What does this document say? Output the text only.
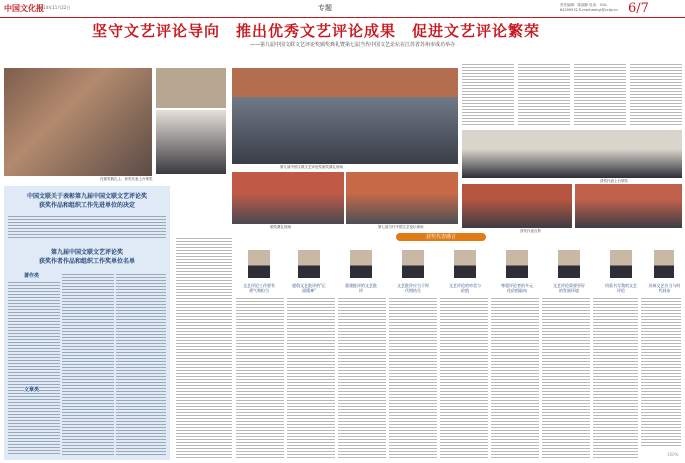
中国文化报
2014年11月22日	专题	责任编辑：陈丽静 电话：010-64299532 E-mail:wenyi@ccdy.cn 6/7
坚守文艺评论导向　推出优秀文艺评论成果　促进文艺评论繁荣
——第九届中国文联文艺评论奖颁奖典礼暨第七届当代中国文艺论坛在江苏省苏州市成功举办
在颁奖典礼上，获奖代表上台领奖
第九届中国文联文艺评论奖颁奖典礼现场
颁奖典礼现场	第七届当代中国文艺论坛现场
获奖代表上台领奖
获奖代表合影
中国文联关于表彰第九届中国文联文艺评论奖
获奖作品和组织工作先进单位的决定
第九届中国文联文艺评论奖
获奖作者作品和组织工作奖单位名单
著作类
文章类
获奖代表感言
文艺评论工作要有勇气和担当
提倡文艺批评的"正面精神"
重建批评的文艺批评
文艺批评应当于时代相结合
文艺评论的审美与价值
尊重评论者的多元化价值取向
文艺评论需要更好的发展环境
用爱书写我的文艺评论
苏州文艺应当与时代同步
100%
